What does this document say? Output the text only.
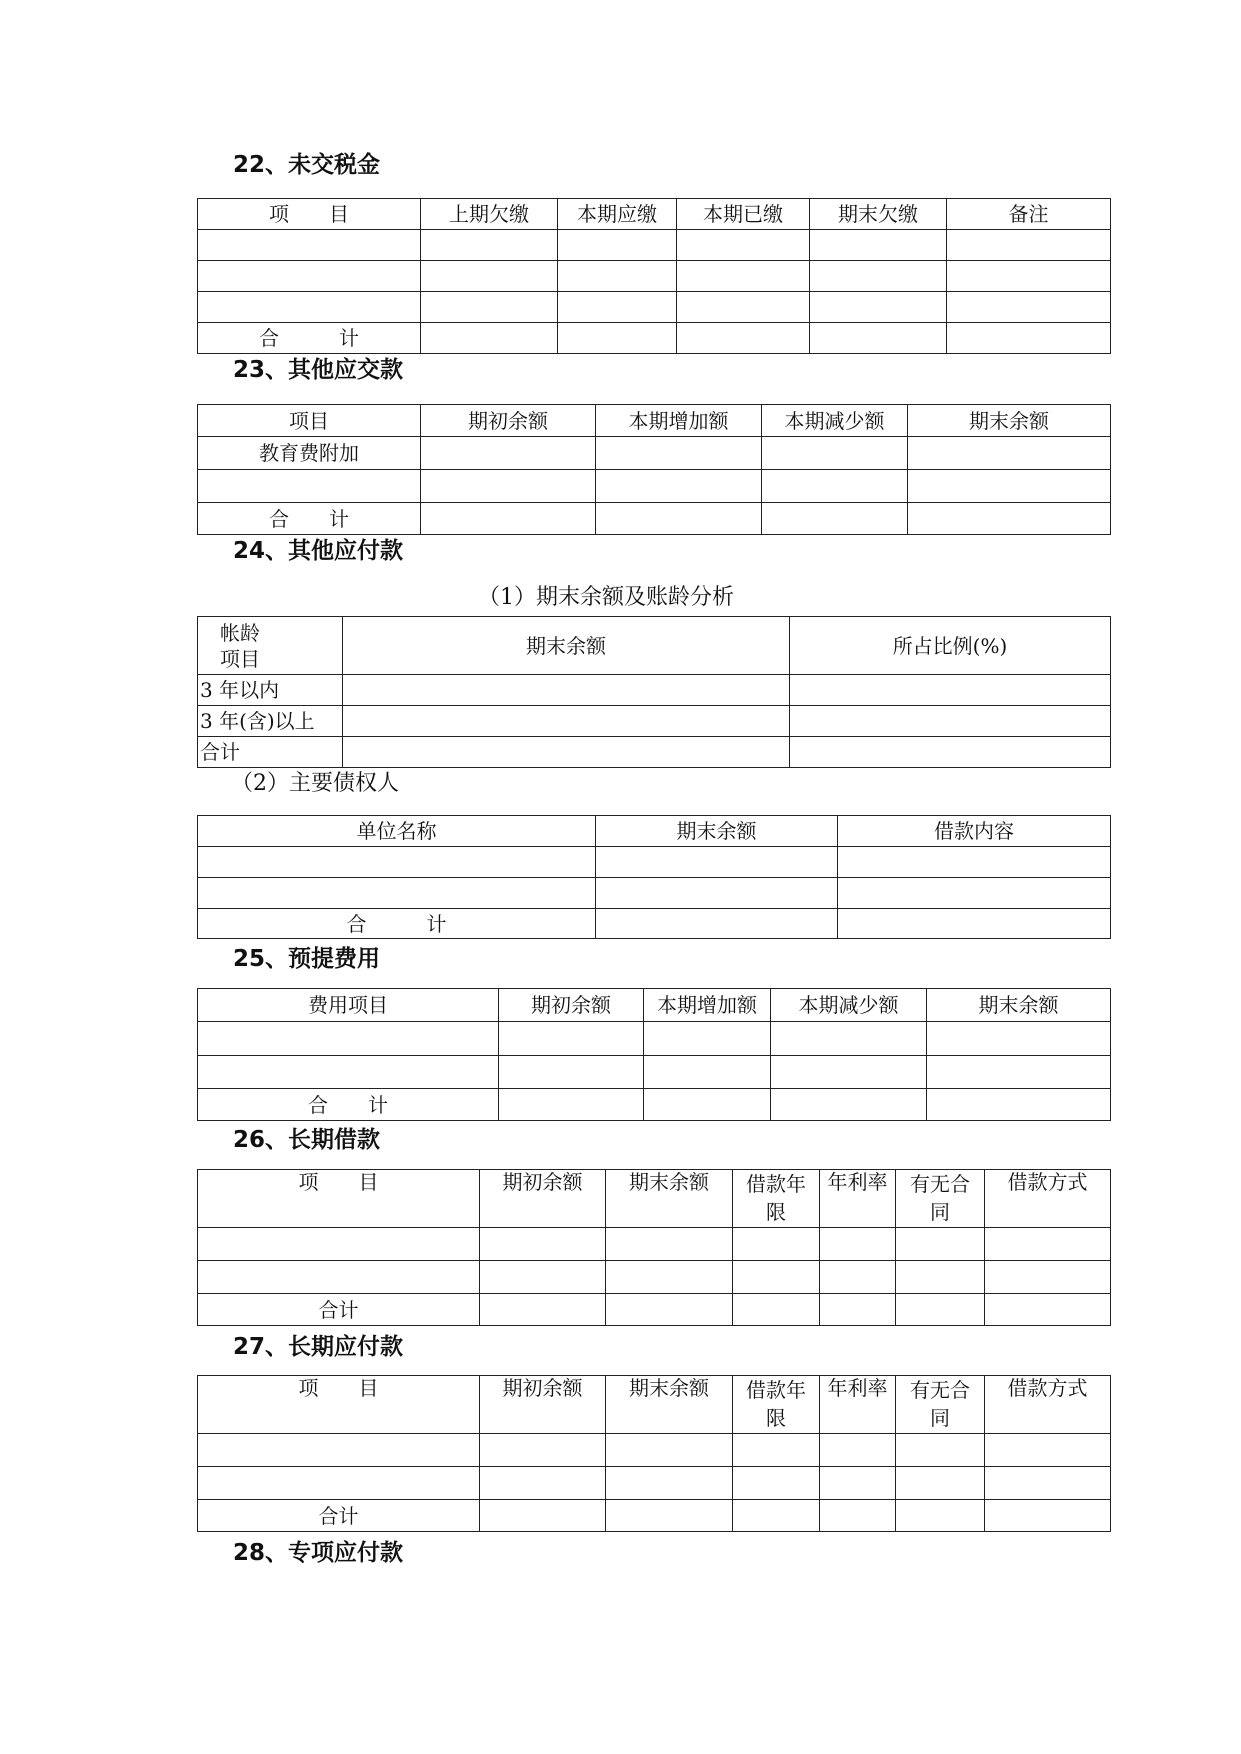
22、未交税金
项　　目	上期欠缴	本期应缴	本期已缴	期末欠缴	备注

合　　　计					
23、其他应交款
项目	期初余额	本期增加额	本期减少额	期末余额
教育费附加				

合　　计				
24、其他应付款
（1）期末余额及账龄分析
帐龄
项目	期末余额	所占比例(%)
3 年以内		
3 年(含)以上		
合计		
（2）主要债权人
单位名称	期末余额	借款内容

合　　　计		
25、预提费用
费用项目	期初余额	本期增加额	本期减少额	期末余额

合　　计				
26、长期借款
项　　目	期初余额	期末余额	借款年限	年利率	有无合同	借款方式

合计						
27、长期应付款
项　　目	期初余额	期末余额	借款年限	年利率	有无合同	借款方式

合计						
28、专项应付款
